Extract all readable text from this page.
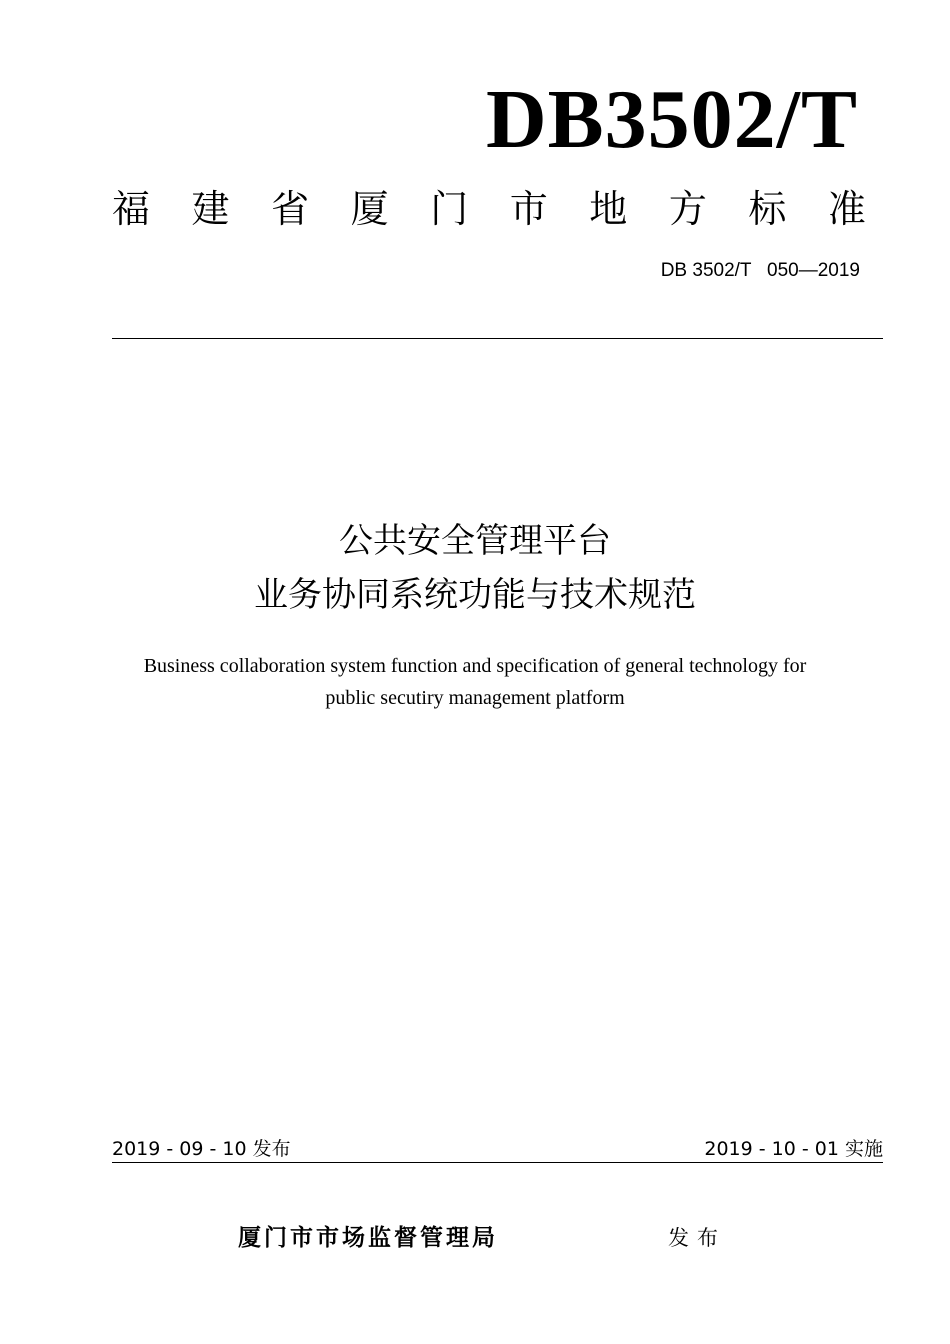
DB3502/T
福 建 省 厦 门 市 地 方 标 准
DB 3502/T   050—2019
公共安全管理平台
业务协同系统功能与技术规范
Business collaboration system function and specification of general technology for
public secutiry management platform
2019 - 09 - 10 发布	2019 - 10 - 01 实施
厦门市市场监督管理局	发布
